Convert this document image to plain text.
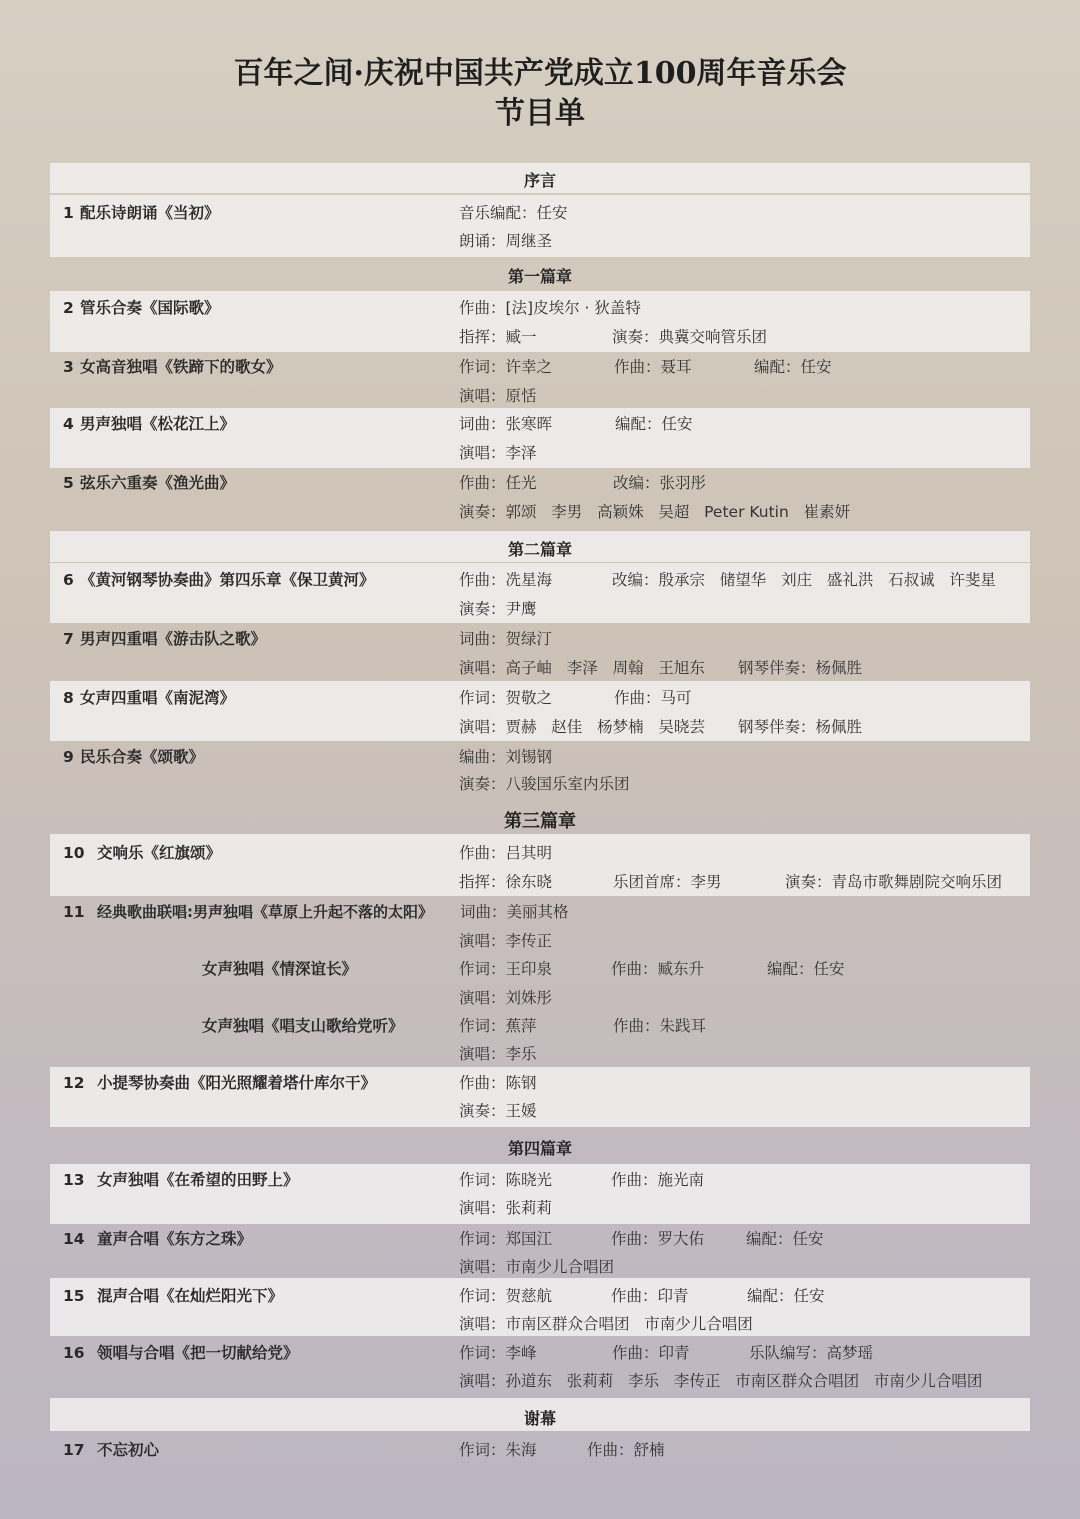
百年之间·庆祝中国共产党成立100周年音乐会
节目单
序言
第一篇章
第二篇章
第三篇章
第四篇章
谢幕
1 配乐诗朗诵《当初》	音乐编配：任安
朗诵：周继圣
2 管乐合奏《国际歌》	作曲：[法]皮埃尔 · 狄盖特
指挥：臧一	演奏：典冀交响管乐团
3 女高音独唱《铁蹄下的歌女》	作词：许幸之	作曲：聂耳	编配：任安
演唱：原恬
4 男声独唱《松花江上》	词曲：张寒晖	编配：任安
演唱：李泽
5 弦乐六重奏《渔光曲》	作曲：任光	改编：张羽彤
演奏：郭颂   李男   高颖姝   吴超   Peter Kutin   崔素妍
6 《黄河钢琴协奏曲》第四乐章《保卫黄河》	作曲：冼星海	改编：殷承宗   储望华   刘庄   盛礼洪   石叔诚   许斐星
演奏：尹鹰
7 男声四重唱《游击队之歌》	词曲：贺绿汀
演唱：高子岫   李泽   周翰   王旭东 钢琴伴奏：杨佩胜
8 女声四重唱《南泥湾》	作词：贺敬之	作曲：马可
演唱：贾赫   赵佳   杨梦楠   吴晓芸 钢琴伴奏：杨佩胜
9 民乐合奏《颂歌》	编曲：刘锡钢
演奏：八骏国乐室内乐团
10 交响乐《红旗颂》	作曲：吕其明
指挥：徐东晓	乐团首席：李男	演奏：青岛市歌舞剧院交响乐团
11 经典歌曲联唱:男声独唱《草原上升起不落的太阳》 词曲：美丽其格
演唱：李传正
女声独唱《情深谊长》	作词：王印泉	作曲：臧东升	编配：任安
演唱：刘姝彤
女声独唱《唱支山歌给党听》	作词：蕉萍	作曲：朱践耳
演唱：李乐
12 小提琴协奏曲《阳光照耀着塔什库尔干》	作曲：陈钢
演奏：王媛
13 女声独唱《在希望的田野上》	作词：陈晓光	作曲：施光南
演唱：张莉莉
14 童声合唱《东方之珠》	作词：郑国江	作曲：罗大佑	编配：任安
演唱：市南少儿合唱团
15 混声合唱《在灿烂阳光下》	作词：贺慈航	作曲：印青	编配：任安
演唱：市南区群众合唱团   市南少儿合唱团
16 领唱与合唱《把一切献给党》	作词：李峰	作曲：印青	乐队编写：高梦瑶
演唱：孙道东   张莉莉   李乐   李传正   市南区群众合唱团   市南少儿合唱团
17 不忘初心	作词：朱海	作曲：舒楠
